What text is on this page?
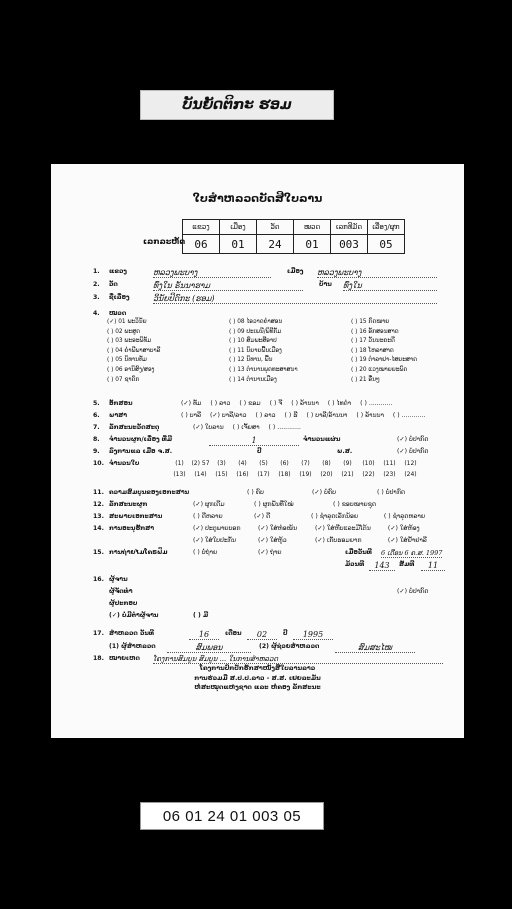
ບັນຍັດຕິກະ ຮອມ
ໃບສຳຫລວດບັດສີໃບລານ
ເລກລະຫັດ
ແຂວງ	ເມືອງ	ວັດ	ໝວດ	ເລກທີມັດ	ເລື່ອງ/ຜູກ
06	01	24	01	003	05
1. ແຂວງ	ຫລວງພະບາງ	ເມືອງ ຫລວງພະບາງ
2. ວັດ	ທົ່ງໃນ ຣັນນາຮາມ	ບ້ານ ທົ່ງໃນ
3. ຊື່ເລື່ອງ	ວິນັຍປິດົກະ (ຮອມ)
4. ໝວດ
(✓) 01 ພະວິນັຍ
( ) 02 ພະສູດ
( ) 03 ພະອະພິທັມ
( ) 04 ຄຳພີພາສາບາລີ
( ) 05 ນິທານທັມ
( ) 06 ອານິສົງ/ສອງ
( ) 07 ຊາດົກ
( ) 08 ໄອວາດຄຳສອນ
( ) 09 ປະເພນີ/ພິທີກັມ
( ) 10 ສົມພະສີອາປ
( ) 11 ນິຍາຍພື້ນເມືອງ
( ) 12 ນິທານ, ພື້ນ
( ) 13 ຕຳນານພຸດທະສາສນາ
( ) 14 ຕຳນານເມືອງ
( ) 15 ກົດໝາຍ
( ) 16 ອັກສອນສາດ
( ) 17 ວັນນະຄະດີ
( ) 18 ໂຫລາສາດ
( ) 19 ຕຳລາຢາ-ໄສຍະສາດ
( ) 20 ແວງໝາຍຍະພົດ
( ) 21 ອື່ນໆ
5. ອັກສອນ	(✓) ທັມ ( ) ລາວ ( ) ຂອມ ( ) ຈີ ( ) ລ້ານນາ ( ) ໄທດຳ ( ) ............
6. ພາສາ	( ) ບາລີ (✓) ບາລີ/ລາວ ( ) ລາວ ( ) ຮີ ( ) ບາລີ/ລ້ານນາ ( ) ລ້ານນາ ( ) ............
7. ລັກສະນະວັດສະດຸ	(✓) ໃບລານ ( ) ເຈັ້ຍສາ ( ) ............
8. ຈຳນວນຜູກ/ເລື່ອງ ທີ່ມີ	1	ຈຳນວນແຜ່ນ	(✓) ບໍ່ປາກົດ
9. ລົງການແລ ເມື່ອ ຈ.ສ.	ປີ	ພ.ສ.	(✓) ບໍ່ປາກົດ
10. ຈຳນວນໃບ	(1) (2) 57 (3) (4) (5) (6) (7) (8) (9) (10) (11) (12)
(13) (14) (15) (16) (17) (18) (19) (20) (21) (22) (23) (24)
11. ຄວາມສົມບູນຂອງເອກະສານ	( ) ຄົບ	(✓) ບໍ່ຄົບ	( ) ບໍ່ປາກົດ
12. ລັກສະນະຜູກ	(✓) ຜູກເດີມ	( ) ຜູກພັນທີ່ໃໝ່	( ) ຂອບໝາຍຊຸດ
13. ສະພາບເອກະສານ	( ) ດີຫລາຍ	(✓) ດີ	( ) ຊຳລຸດເລັກນ້ອຍ	( ) ຊຳລຸດຫລາຍ
14. ການອະນຸຮັກສາ	(✓) ປະຕູພາຍບອກ	(✓) ໃສ່ຫໍອໜ້ນ	(✓) ໃສ່ຫີບແລະມີໂຕ້ນ	(✓) ໃສ່ຫ້ອງ
(✓) ໃສ່ໃບປະກັນ	(✓) ໃສ່ຫູ້ວ	(✓) ເກັບຮອມຍາກ	(✓) ໃສ່ຢໍ້າຢາລີ
15. ການຖ່າຍໄມໂຄຣຟິມ	( ) ບໍ່ຖ່າຍ	(✓) ຖ່າຍ	ເມື່ອວັນທີ 6 ເດືອນ 6 ຄ.ສ. 1997
ມ້ວນທີ	143	ສັມທີ	11
16. ຜູ້ຈານ
ຜູ້ຈັດທຳ	(✓) ບໍ່ປາກົດ
ຜູ້ປະກອບ
(✓) ບໍ່ມີຕຳຜູ້ຈານ	( ) ມີ
17. ສຳຫລວດ ວັນທີ	16	ເດືອນ	02	ປີ	1995
(1) ຜູ້ສຳຫລວດ	ສົມພອນ	(2) ຜູ້ຊ່ວຍສຳຫລວດ	ສົມສະໄໝ
18. ໝາຍເຫດ ໂຄງການສົມບູນ ສົມບູນ ... ໃນການສຳຫລວດ
ໂຄງການປົກປັກຮັກສາໜັງສືໃບລານລາວ
ການຮ່ວມມື ສ.ປ.ປ.ລາວ - ສ.ສ. ເຢຍລະມັນ
ຫໍສະໝຸດແຫ່ງຊາດ ແລະ ຫໍຄອງ ລັກສະນະ
06 01 24 01 003 05
